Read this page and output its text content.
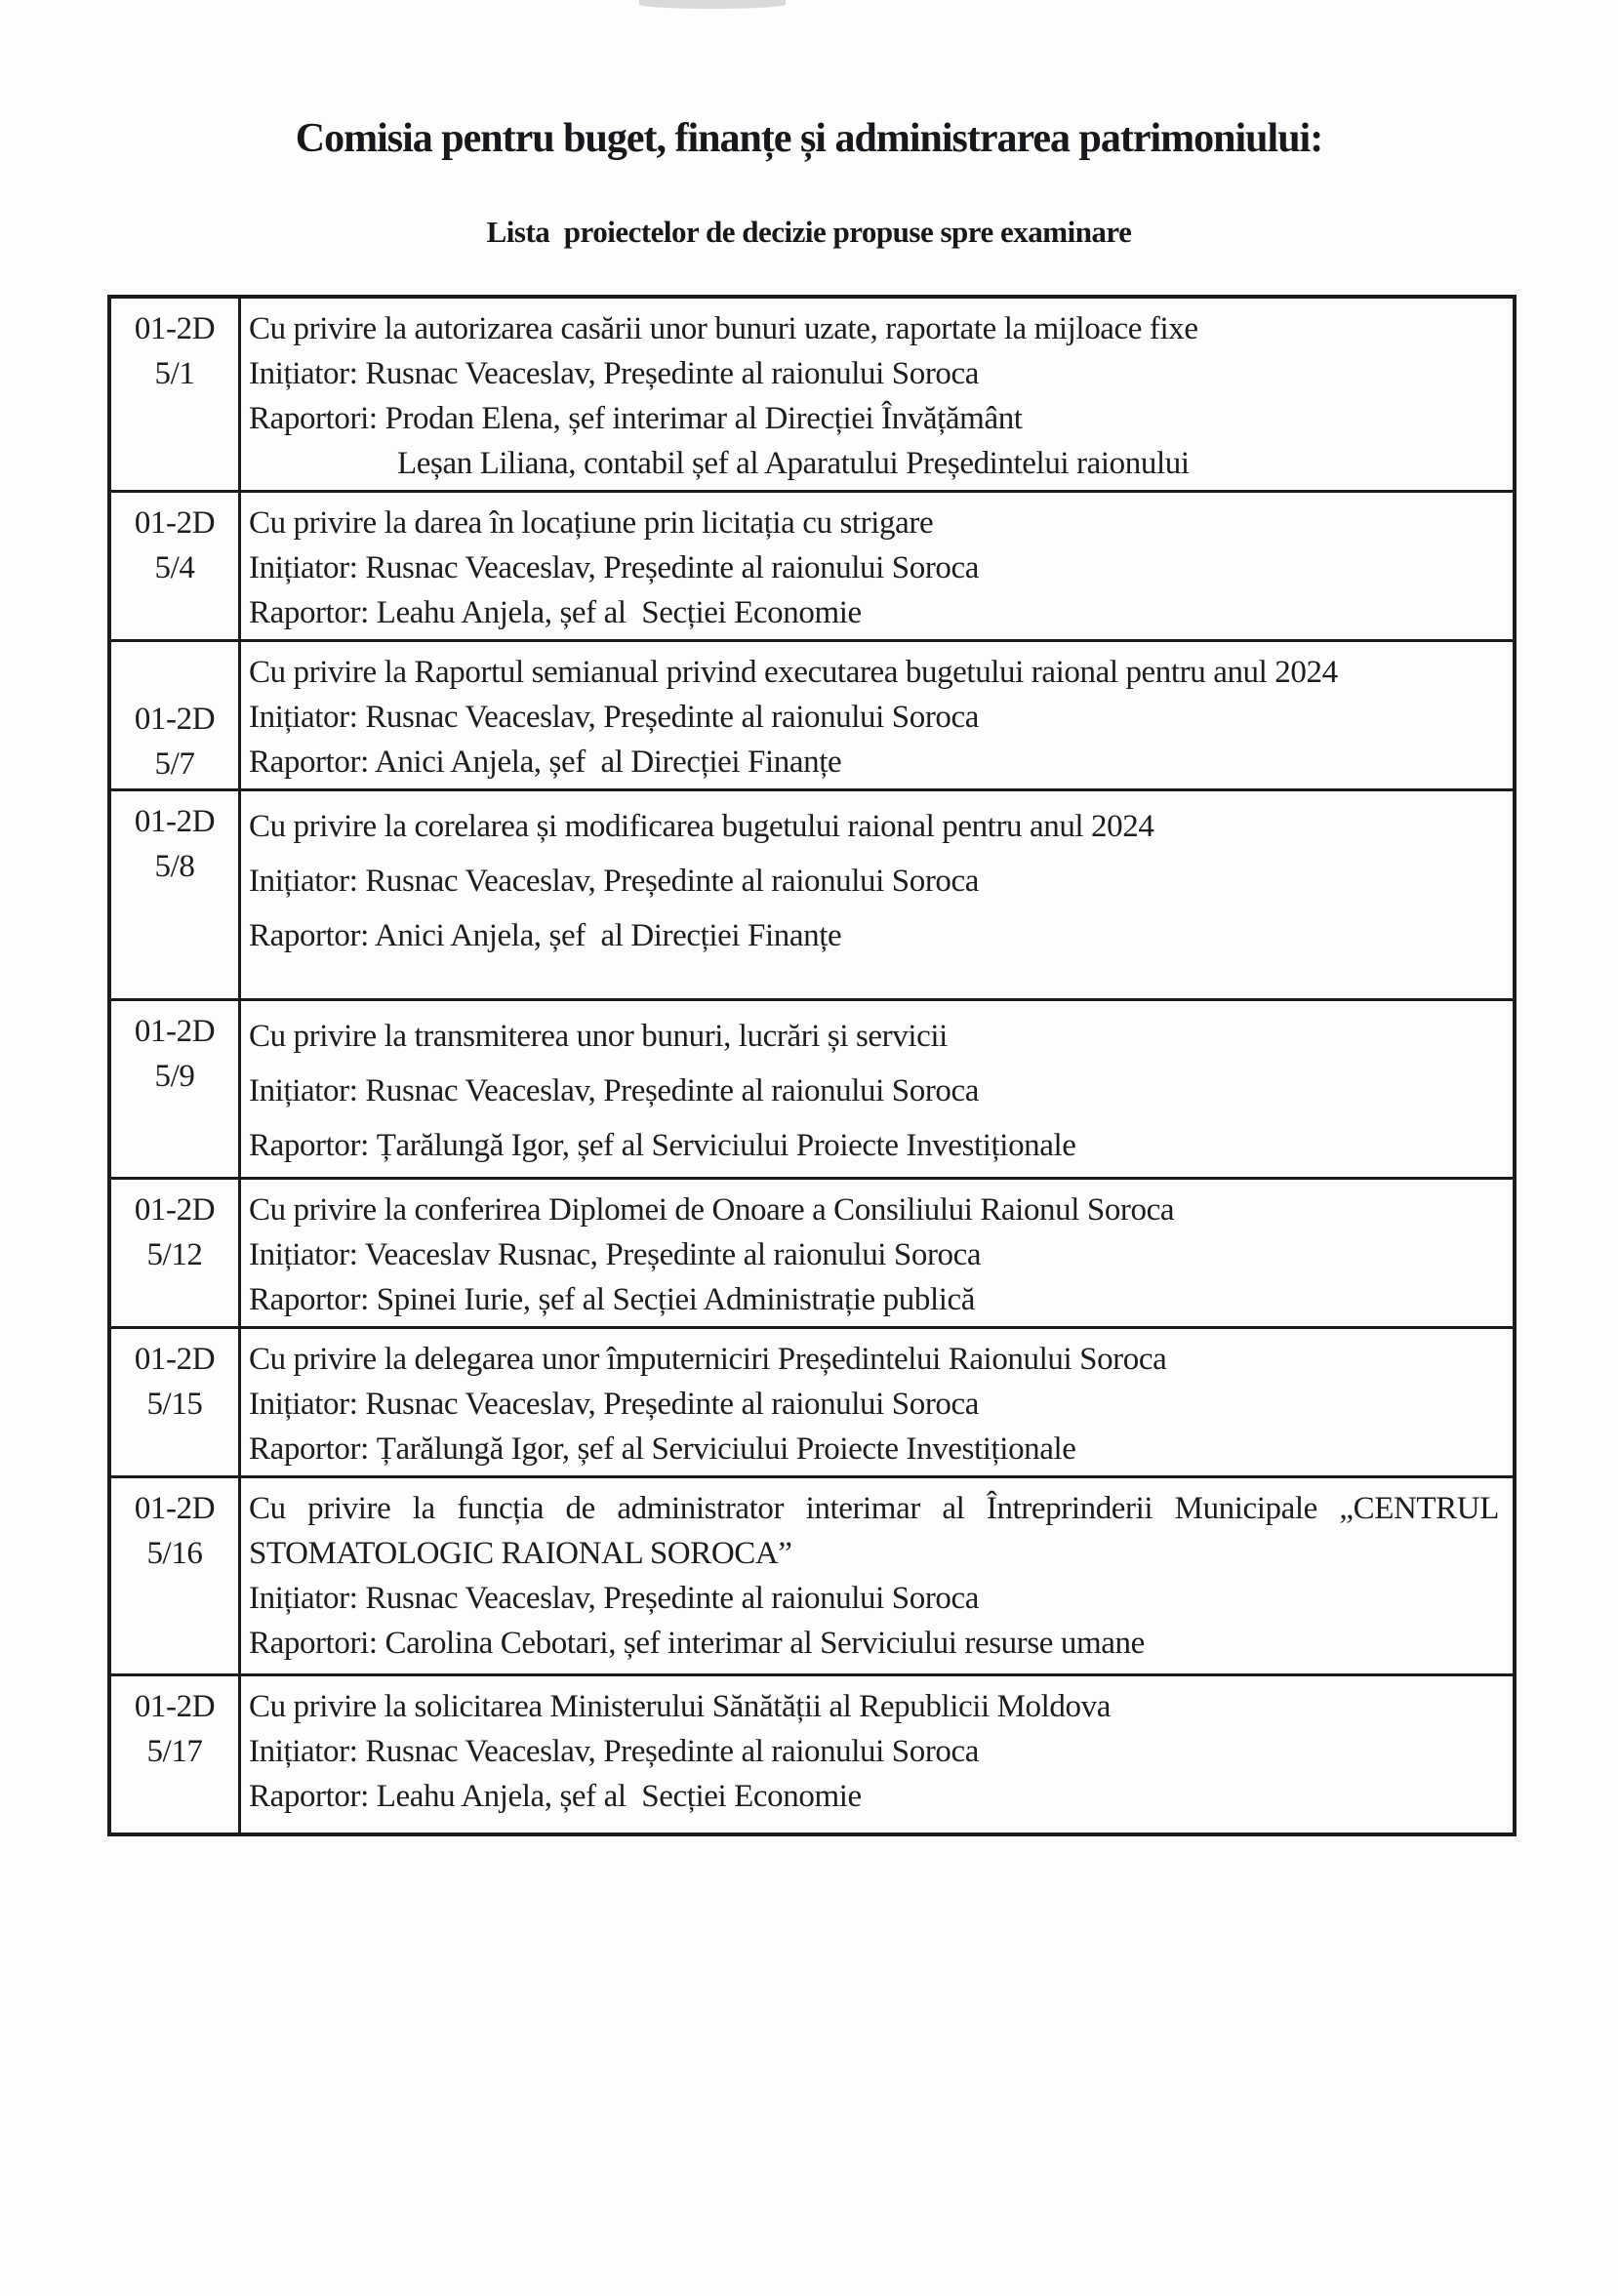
Comisia pentru buget, finanțe și administrarea patrimoniului:
Lista  proiectelor de decizie propuse spre examinare
01-2D
5/1

Cu privire la autorizarea casării unor bunuri uzate, raportate la mijloace fixe

Inițiator: Rusnac Veaceslav, Președinte al raionului Soroca

Raportori: Prodan Elena, șef interimar al Direcției Învățământ

Leșan Liliana, contabil șef al Aparatului Președintelui raionului

01-2D
5/4

Cu privire la darea în locațiune prin licitația cu strigare

Inițiator: Rusnac Veaceslav, Președinte al raionului Soroca

Raportor: Leahu Anjela, șef al  Secției Economie

01-2D
5/7

Cu privire la Raportul semianual privind executarea bugetului raional pentru anul 2024

Inițiator: Rusnac Veaceslav, Președinte al raionului Soroca

Raportor: Anici Anjela, șef  al Direcției Finanțe

01-2D
5/8

Cu privire la corelarea și modificarea bugetului raional pentru anul 2024

Inițiator: Rusnac Veaceslav, Președinte al raionului Soroca

Raportor: Anici Anjela, șef  al Direcției Finanțe

01-2D
5/9

Cu privire la transmiterea unor bunuri, lucrări și servicii

Inițiator: Rusnac Veaceslav, Președinte al raionului Soroca

Raportor: Țarălungă Igor, șef al Serviciului Proiecte Investiționale

01-2D
5/12

Cu privire la conferirea Diplomei de Onoare a Consiliului Raionul Soroca

Inițiator: Veaceslav Rusnac, Președinte al raionului Soroca

Raportor: Spinei Iurie, șef al Secției Administrație publică

01-2D
5/15

Cu privire la delegarea unor împuterniciri Președintelui Raionului Soroca

Inițiator: Rusnac Veaceslav, Președinte al raionului Soroca

Raportor: Țarălungă Igor, șef al Serviciului Proiecte Investiționale

01-2D
5/16

Cu privire la funcția de administrator interimar al Întreprinderii Municipale „CENTRUL

STOMATOLOGIC RAIONAL SOROCA”

Inițiator: Rusnac Veaceslav, Președinte al raionului Soroca

Raportori: Carolina Cebotari, șef interimar al Serviciului resurse umane

01-2D
5/17

Cu privire la solicitarea Ministerului Sănătății al Republicii Moldova

Inițiator: Rusnac Veaceslav, Președinte al raionului Soroca

Raportor: Leahu Anjela, șef al  Secției Economie
